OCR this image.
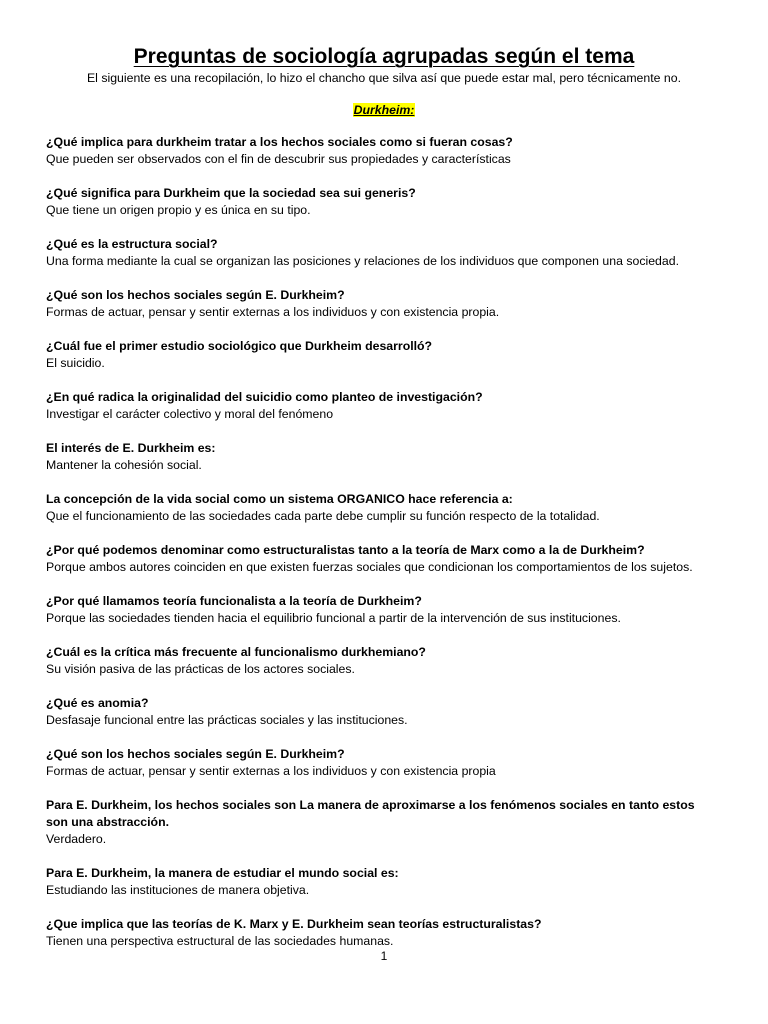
Preguntas de sociología agrupadas según el tema

El siguiente es una recopilación, lo hizo el chancho que silva así que puede estar mal, pero técnicamente no.

Durkheim:

¿Qué implica para durkheim tratar a los hechos sociales como si fueran cosas?

Que pueden ser observados con el fin de descubrir sus propiedades y características

¿Qué significa para Durkheim que la sociedad sea sui generis?

Que tiene un origen propio y es única en su tipo.

¿Qué es la estructura social?

Una forma mediante la cual se organizan las posiciones y relaciones de los individuos que componen una sociedad.

¿Qué son los hechos sociales según E. Durkheim?

Formas de actuar, pensar y sentir externas a los individuos y con existencia propia.

¿Cuál fue el primer estudio sociológico que Durkheim desarrolló?

El suicidio.

¿En qué radica la originalidad del suicidio como planteo de investigación?

Investigar el carácter colectivo y moral del fenómeno

El interés de E. Durkheim es:

Mantener la cohesión social.

La concepción de la vida social como un sistema ORGANICO hace referencia a:

Que el funcionamiento de las sociedades cada parte debe cumplir su función respecto de la totalidad.

¿Por qué podemos denominar como estructuralistas tanto a la teoría de Marx como a la de Durkheim?

Porque ambos autores coinciden en que existen fuerzas sociales que condicionan los comportamientos de los sujetos.

¿Por qué llamamos teoría funcionalista a la teoría de Durkheim?

Porque las sociedades tienden hacia el equilibrio funcional a partir de la intervención de sus instituciones.

¿Cuál es la crítica más frecuente al funcionalismo durkhemiano?

Su visión pasiva de las prácticas de los actores sociales.

¿Qué es anomia?

Desfasaje funcional entre las prácticas sociales y las instituciones.

¿Qué son los hechos sociales según E. Durkheim?

Formas de actuar, pensar y sentir externas a los individuos y con existencia propia

Para E. Durkheim, los hechos sociales son La manera de aproximarse a los fenómenos sociales en tanto estos son una abstracción.

Verdadero.

Para E. Durkheim, la manera de estudiar el mundo social es:

Estudiando las instituciones de manera objetiva.

¿Que implica que las teorías de K. Marx y E. Durkheim sean teorías estructuralistas?

Tienen una perspectiva estructural de las sociedades humanas.

1
